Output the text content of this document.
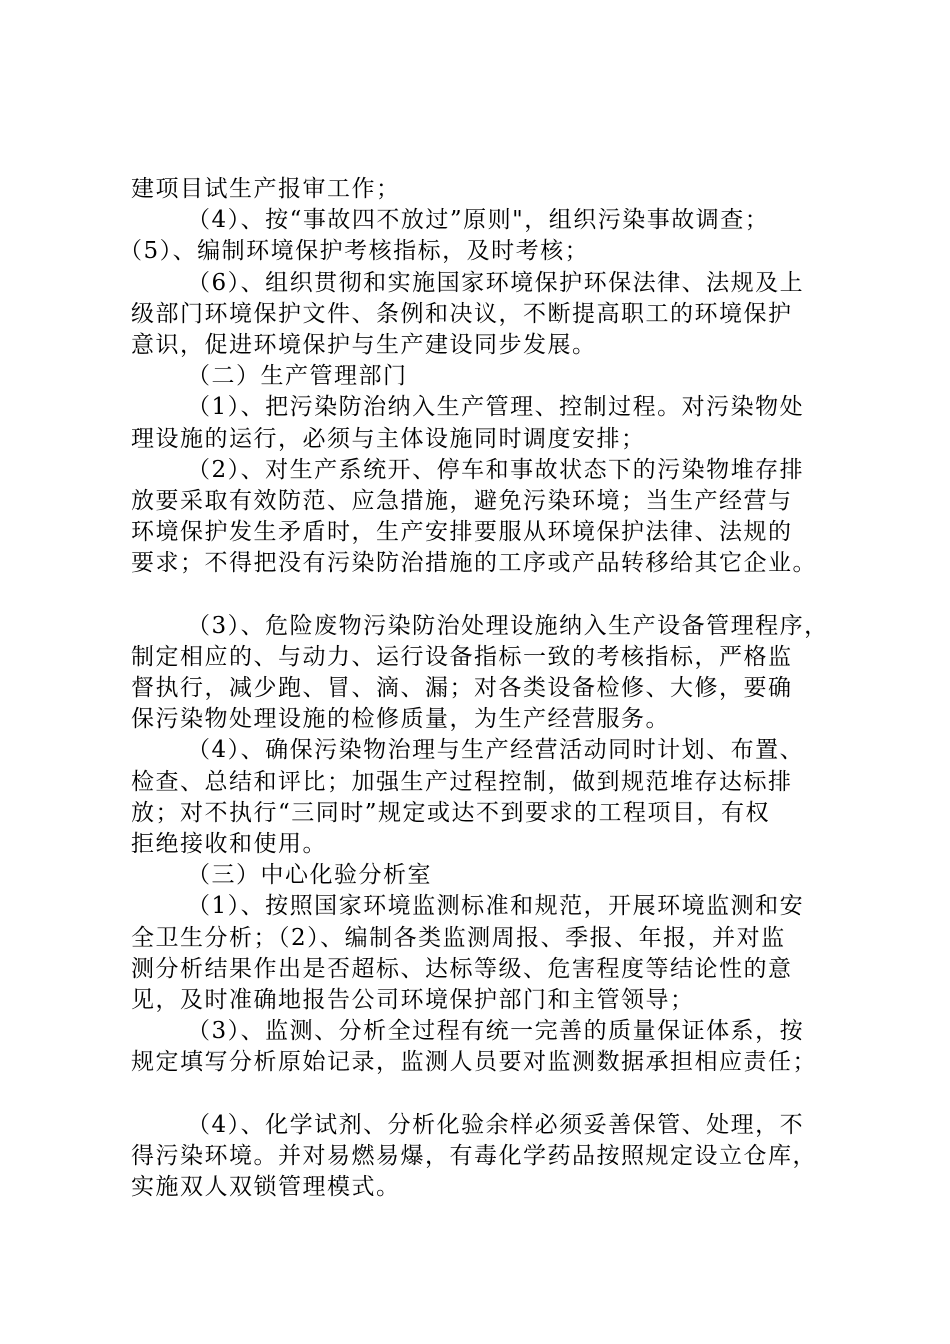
建项目试生产报审工作；
（4）、按“事故四不放过”原则"，组织污染事故调查；
（5）、编制环境保护考核指标，及时考核；
（6）、组织贯彻和实施国家环境保护环保法律、法规及上
级部门环境保护文件、条例和决议，不断提高职工的环境保护
意识，促进环境保护与生产建设同步发展。
（二）生产管理部门
（1）、把污染防治纳入生产管理、控制过程。对污染物处
理设施的运行，必须与主体设施同时调度安排；
（2）、对生产系统开、停车和事故状态下的污染物堆存排
放要采取有效防范、应急措施，避免污染环境；当生产经营与
环境保护发生矛盾时，生产安排要服从环境保护法律、法规的
要求；不得把没有污染防治措施的工序或产品转移给其它企业。
（3）、危险废物污染防治处理设施纳入生产设备管理程序，
制定相应的、与动力、运行设备指标一致的考核指标，严格监
督执行，减少跑、冒、滴、漏；对各类设备检修、大修，要确
保污染物处理设施的检修质量，为生产经营服务。
（4）、确保污染物治理与生产经营活动同时计划、布置、
检查、总结和评比；加强生产过程控制，做到规范堆存达标排
放；对不执行“三同时”规定或达不到要求的工程项目，有权
拒绝接收和使用。
（三）中心化验分析室
（1）、按照国家环境监测标准和规范，开展环境监测和安
全卫生分析；（2）、编制各类监测周报、季报、年报，并对监
测分析结果作出是否超标、达标等级、危害程度等结论性的意
见，及时准确地报告公司环境保护部门和主管领导；
（3）、监测、分析全过程有统一完善的质量保证体系，按
规定填写分析原始记录，监测人员要对监测数据承担相应责任；
（4）、化学试剂、分析化验余样必须妥善保管、处理，不
得污染环境。并对易燃易爆，有毒化学药品按照规定设立仓库，
实施双人双锁管理模式。
